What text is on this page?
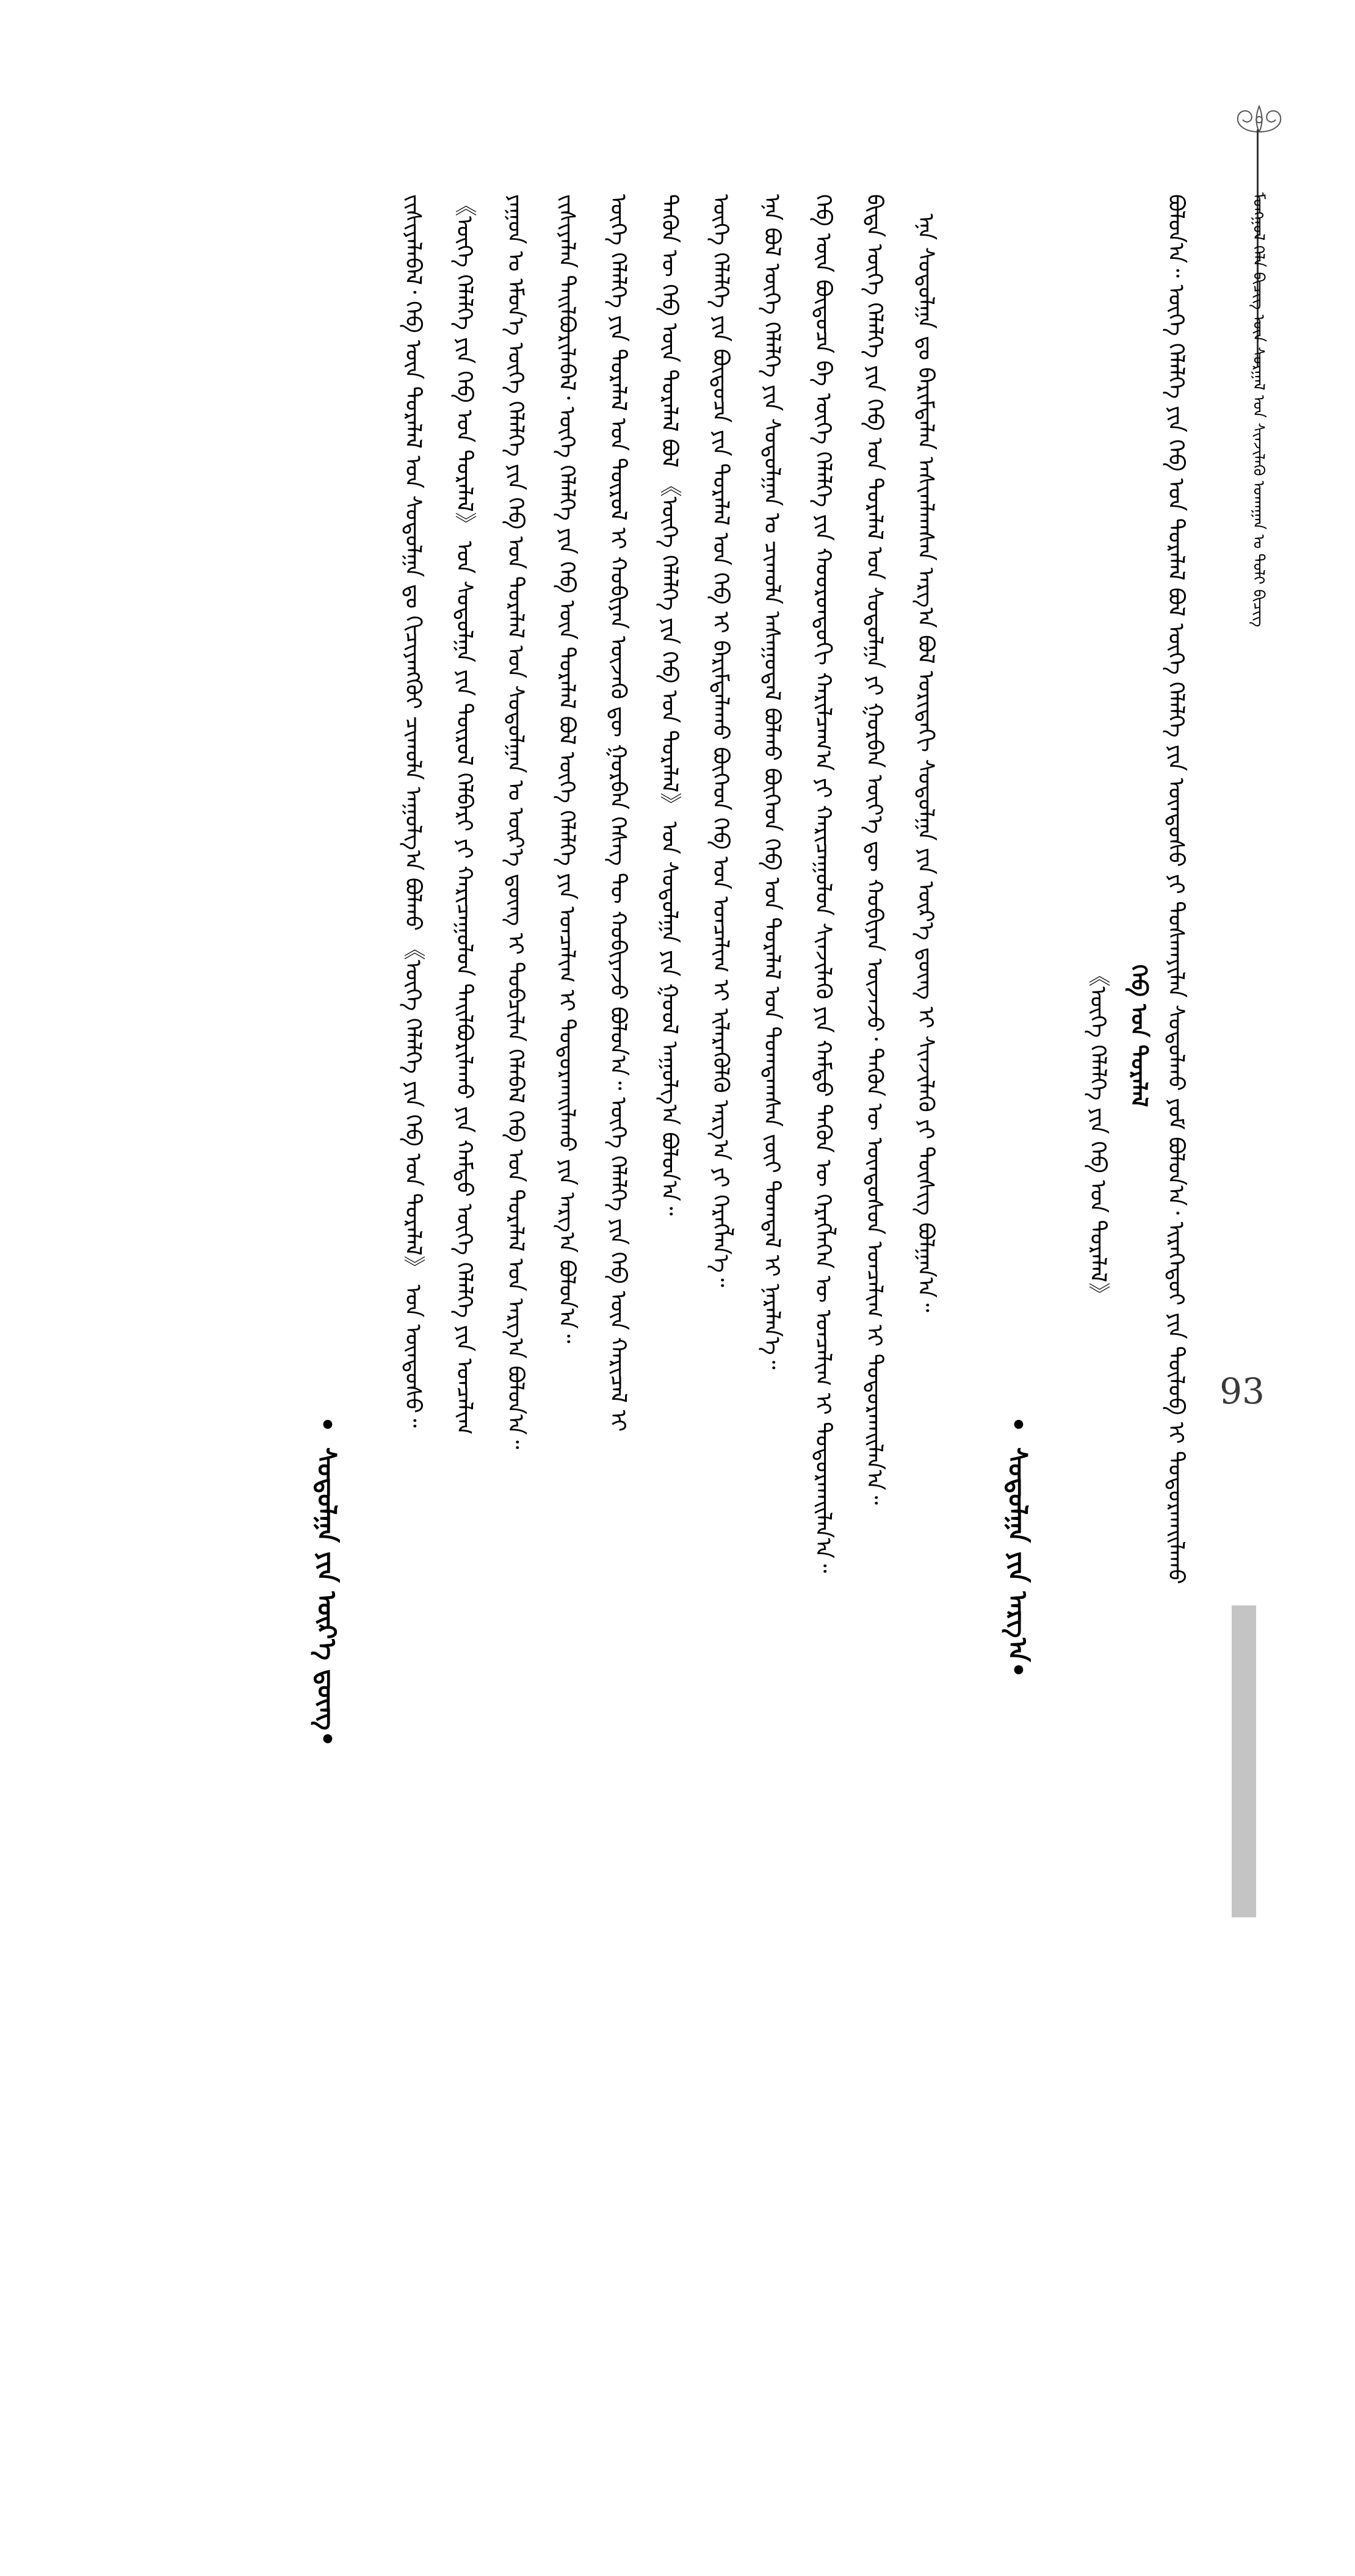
ᠮᠣᠩᠭᠣᠯ ᠬᠡᠯᠡ ᠪᠢᠴᠢᠭ ᠦᠨ ᠰᠤᠷᠭᠠᠯ ᠤᠨ ᠰᠢᠨᠵᠢᠯᠡᠬᠦ ᠤᠬᠠᠭᠠᠨ ᠤ ᠲᠣᠯᠢ ᠪᠢᠴᠢᠭ
93
ᠪᠣᠯᠤᠨ᠎ᠠ᠃ ᠦᠭᠡ ᠬᠡᠯᠡᠯᠭᠡ ᠶᠢᠨ ᠬᠡᠪ ᠤᠨ ᠳᠤᠷᠠᠯᠠᠯ ᠪᠣᠯ ᠦᠭᠡ ᠬᠡᠯᠡᠯᠭᠡ ᠶᠢᠨ ᠦᠨᠳᠦᠰᠦ ᠶᠢ ᠲᠤᠰᠬᠠᠶᠢᠯᠠᠨ ᠰᠤᠳᠤᠯᠬᠤ ᠶᠤᠮ ᠪᠣᠯᠤᠨ᠎ᠠ᠂ ᠢᠷᠡᠭᠡᠳᠦᠢ ᠶᠢᠨ ᠲᠥᠯᠦᠪ ᠢ ᠲᠣᠳᠤᠷᠬᠠᠢᠯᠠᠬᠤ
ᠬᠡᠪ ᠤᠨ ᠳᠤᠷᠠᠯᠠᠯ
《ᠦᠭᠡ ᠬᠡᠯᠡᠯᠭᠡ ᠶᠢᠨ ᠬᠡᠪ ᠤᠨ ᠳᠤᠷᠠᠯᠠᠯ》
•ᠰᠤᠳᠤᠯᠭᠠ ᠶᠢᠨ ᠠᠷᠭ᠎ᠠ•
ᠡᠨᠡ ᠰᠤᠳᠤᠯᠭᠠ ᠳᠤ ᠪᠠᠷᠢᠮᠲᠠᠯᠠᠨ ᠠᠰᠢᠭᠯᠠᠭᠰᠠᠨ ᠠᠷᠭ᠎ᠠ ᠪᠣᠯ ᠤᠷᠢᠳᠠᠬᠢ ᠰᠤᠳᠤᠯᠭᠠ ᠶᠢᠨ ᠦᠷ᠎ᠡ ᠳ᠋ᠦᠩ ᠢ ᠰᠢᠨᠵᠢᠯᠡᠬᠦ ᠶᠢ ᠲᠦᠰᠢᠭ ᠪᠣᠯᠭᠠᠨ᠎ᠠ᠃
ᠪᠢᠳᠡ ᠦᠭᠡ ᠬᠡᠯᠡᠯᠭᠡ ᠶᠢᠨ ᠬᠡᠪ ᠤᠨ ᠳᠤᠷᠠᠯᠠᠯ ᠤᠨ ᠰᠤᠳᠤᠯᠭᠠ ᠶᠢ ᠭᠤᠷᠪᠠᠨ ᠦᠶ᠎ᠡ ᠳᠦ ᠬᠤᠪᠢᠶᠠᠨ ᠦᠵᠡᠵᠦ᠂ ᠲᠡᠭᠦᠨ ᠦ ᠦᠨᠳᠦᠰᠦᠨ ᠣᠨᠴᠠᠯᠢᠭ ᠢ ᠲᠣᠳᠣᠷᠬᠠᠢᠯᠠᠨ᠎ᠠ᠃
ᠬᠡᠪ ᠦᠨ ᠪᠦᠲᠦᠴᠡ ᠪᠠ ᠦᠭᠡ ᠬᠡᠯᠡᠯᠭᠡ ᠶᠢᠨ ᠬᠣᠣᠷᠣᠨᠳᠤᠬᠢ ᠬᠠᠷᠢᠯᠴᠠᠭ᠎ᠠ ᠶᠢ ᠬᠠᠷᠢᠴᠠᠭᠤᠯᠤᠨ ᠰᠢᠨᠵᠢᠯᠡᠬᠦ ᠶᠢᠨ ᠬᠠᠮᠲᠤ ᠲᠡᠭᠦᠨ ᠦ ᠬᠡᠷᠡᠭᠯᠡᠭᠡᠨ ᠦ ᠣᠨᠴᠠᠯᠢᠭ ᠢ ᠲᠣᠳᠣᠷᠬᠠᠢᠯᠠᠨ᠎ᠠ᠃
ᠡᠨᠡ ᠪᠣᠯ ᠦᠭᠡ ᠬᠡᠯᠡᠯᠭᠡ ᠶᠢᠨ ᠰᠤᠳᠤᠯᠭᠠᠨ ᠤ ᠴᠢᠬᠤᠯᠠ ᠠᠰᠠᠭᠤᠳᠠᠯ ᠪᠣᠯᠬᠤ ᠪᠥᠭᠡᠳ ᠬᠡᠪ ᠤᠨ ᠳᠤᠷᠠᠯᠠᠯ ᠤᠨ ᠲᠣᠭᠲᠠᠭᠰᠠᠨ ᠵᠦᠢ ᠲᠣᠭᠲᠠᠯ ᠢ ᠨᠡᠷᠡᠯᠡᠨ᠎ᠡ᠃
ᠦᠭᠡ ᠬᠡᠯᠡᠯᠭᠡ ᠶᠢᠨ ᠪᠦᠲᠦᠴᠡ ᠶᠢᠨ ᠳᠤᠷᠠᠯᠠᠯ ᠤᠨ ᠬᠡᠪ ᠢ ᠪᠠᠷᠢᠮᠲᠠᠯᠠᠬᠤ ᠪᠥᠭᠡᠳ ᠬᠡᠪ ᠤᠨ ᠣᠨᠴᠠᠯᠢᠭ ᠢ ᠢᠯᠡᠷᠡᠭᠦᠯᠬᠦ ᠠᠷᠭ᠎ᠠ ᠶᠢ ᠬᠡᠷᠡᠭᠯᠡᠨ᠎ᠡ᠃
ᠲᠡᠭᠦᠨ ᠦ ᠬᠡᠪ ᠦᠨ ᠳᠤᠷᠠᠯᠠᠯ ᠪᠣᠯ 《ᠦᠭᠡ ᠬᠡᠯᠡᠯᠭᠡ ᠶᠢᠨ ᠬᠡᠪ ᠤᠨ ᠳᠤᠷᠠᠯᠠᠯ》 ᠤᠨ ᠰᠤᠳᠤᠯᠭᠠ ᠶᠢᠨ ᠭᠣᠣᠯ ᠠᠭᠤᠯᠭ᠎ᠠ ᠪᠣᠯᠤᠨ᠎ᠠ᠃
ᠦᠭᠡ ᠬᠡᠯᠡᠯᠭᠡ ᠶᠢᠨ ᠳᠤᠷᠠᠯᠠᠯ ᠤᠨ ᠲᠦᠷᠦᠯ ᠢ ᠬᠤᠪᠢᠶᠠᠨ ᠦᠵᠡᠬᠦ ᠳᠦ ᠭᠤᠷᠪᠠᠨ ᠬᠡᠰᠡᠭ ᠲᠦ ᠬᠤᠪᠢᠶᠠᠵᠤ ᠪᠣᠯᠤᠨ᠎ᠠ᠃ ᠦᠭᠡ ᠬᠡᠯᠡᠯᠭᠡ ᠶᠢᠨ ᠬᠡᠪ ᠦᠨ ᠬᠠᠷᠢᠴᠠᠯ ᠢ
ᠵᠢᠱᠢᠶᠡᠯᠡᠨ ᠲᠠᠢᠯᠪᠤᠷᠢᠯᠠᠪᠠᠯ᠂ ᠦᠭᠡ ᠬᠡᠯᠡᠯᠭᠡ ᠶᠢᠨ ᠬᠡᠪ ᠦᠨ ᠳᠤᠷᠠᠯᠠᠯ ᠪᠣᠯ ᠦᠭᠡ ᠬᠡᠯᠡᠯᠭᠡ ᠶᠢᠨ ᠣᠨᠴᠠᠯᠢᠭ ᠢ ᠲᠣᠳᠣᠷᠬᠠᠢᠯᠠᠬᠤ ᠶᠢᠨ ᠠᠷᠭ᠎ᠠ ᠪᠣᠯᠤᠨ᠎ᠠ᠃
ᠶᠠᠭᠤᠨ ᠤ ᠡᠮᠦᠨ᠎ᠡ ᠦᠭᠡ ᠬᠡᠯᠡᠯᠭᠡ ᠶᠢᠨ ᠬᠡᠪ ᠤᠨ ᠳᠤᠷᠠᠯᠠᠯ ᠤᠨ ᠰᠤᠳᠤᠯᠭᠠᠨ ᠤ ᠦᠷ᠎ᠡ ᠳ᠋ᠦᠩ ᠢ ᠲᠣᠪᠴᠢᠯᠠᠨ ᠬᠡᠯᠡᠪᠡᠯ ᠬᠡᠪ ᠤᠨ ᠳᠤᠷᠠᠯᠠᠯ ᠤᠨ ᠠᠷᠭ᠎ᠠ ᠪᠣᠯᠤᠨ᠎ᠠ᠃
《ᠦᠭᠡ ᠬᠡᠯᠡᠯᠭᠡ ᠶᠢᠨ ᠬᠡᠪ ᠤᠨ ᠳᠤᠷᠠᠯᠠᠯ》 ᠤᠨ ᠰᠤᠳᠤᠯᠭᠠ ᠶᠢᠨ ᠲᠦᠷᠦᠯ ᠬᠡᠯᠪᠡᠷᠢ ᠶᠢ ᠬᠠᠷᠢᠴᠠᠭᠤᠯᠤᠨ ᠲᠠᠢᠯᠪᠤᠷᠢᠯᠠᠬᠤ ᠶᠢᠨ ᠬᠠᠮᠲᠤ ᠦᠭᠡ ᠬᠡᠯᠡᠯᠭᠡ ᠶᠢᠨ ᠣᠨᠴᠠᠯᠢᠭ
ᠵᠢᠱᠢᠶᠡᠯᠡᠪᠡᠯ᠂ ᠬᠡᠪ ᠦᠨ ᠳᠤᠷᠠᠯᠠᠯ ᠤᠨ ᠰᠤᠳᠤᠯᠭᠠ ᠳᠤ ᠬᠢᠴᠢᠶᠡᠩᠭᠦᠢ ᠴᠢᠬᠤᠯᠠ ᠠᠭᠤᠯᠭ᠎ᠠ ᠪᠣᠯᠬᠤ 《ᠦᠭᠡ ᠬᠡᠯᠡᠯᠭᠡ ᠶᠢᠨ ᠬᠡᠪ ᠤᠨ ᠳᠤᠷᠠᠯᠠᠯ》 ᠤᠨ ᠦᠨᠳᠦᠰᠦ᠃
•ᠰᠤᠳᠤᠯᠭᠠ ᠶᠢᠨ ᠦᠷ᠎ᠡ ᠳ᠋ᠦᠩ•
